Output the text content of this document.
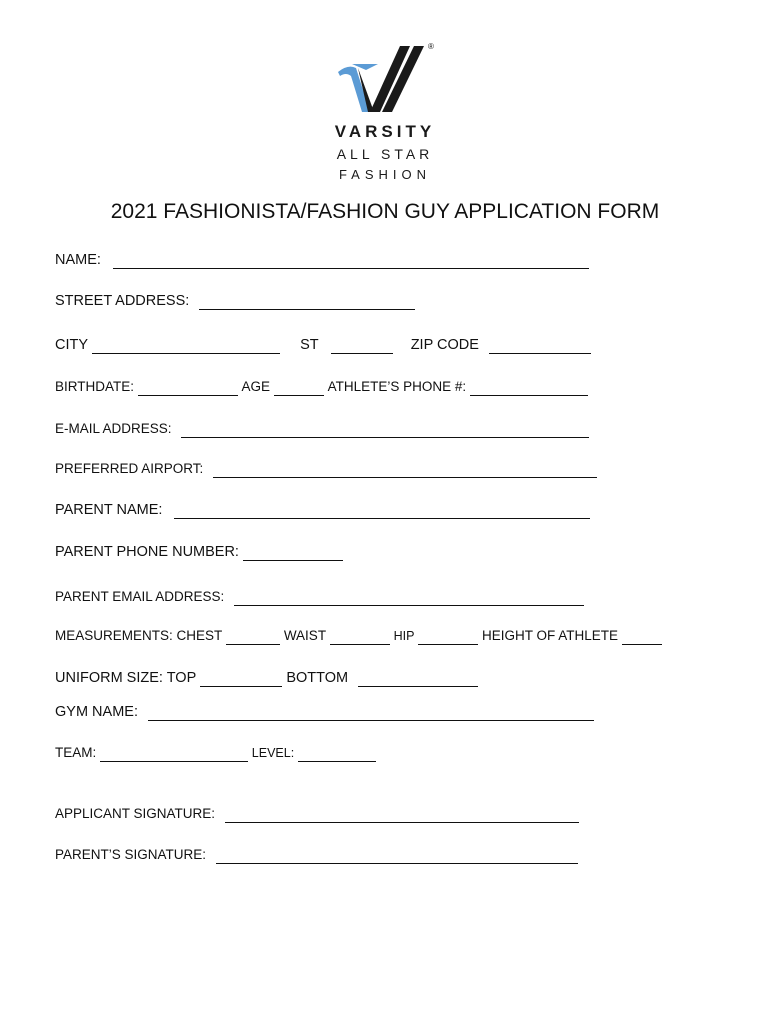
®
VARSITY
ALL STAR
FASHION
2021 FASHIONISTA/FASHION GUY APPLICATION FORM
NAME:
STREET ADDRESS:
CITY	ST	ZIP CODE
BIRTHDATE:	AGE	ATHLETE’S PHONE #:
E-MAIL ADDRESS:
PREFERRED AIRPORT:
PARENT NAME:
PARENT PHONE NUMBER:
PARENT EMAIL ADDRESS:
MEASUREMENTS: CHEST	WAIST	HIP	HEIGHT OF ATHLETE
UNIFORM SIZE: TOP	BOTTOM
GYM NAME:
TEAM:	LEVEL:
APPLICANT SIGNATURE:
PARENT’S SIGNATURE:
